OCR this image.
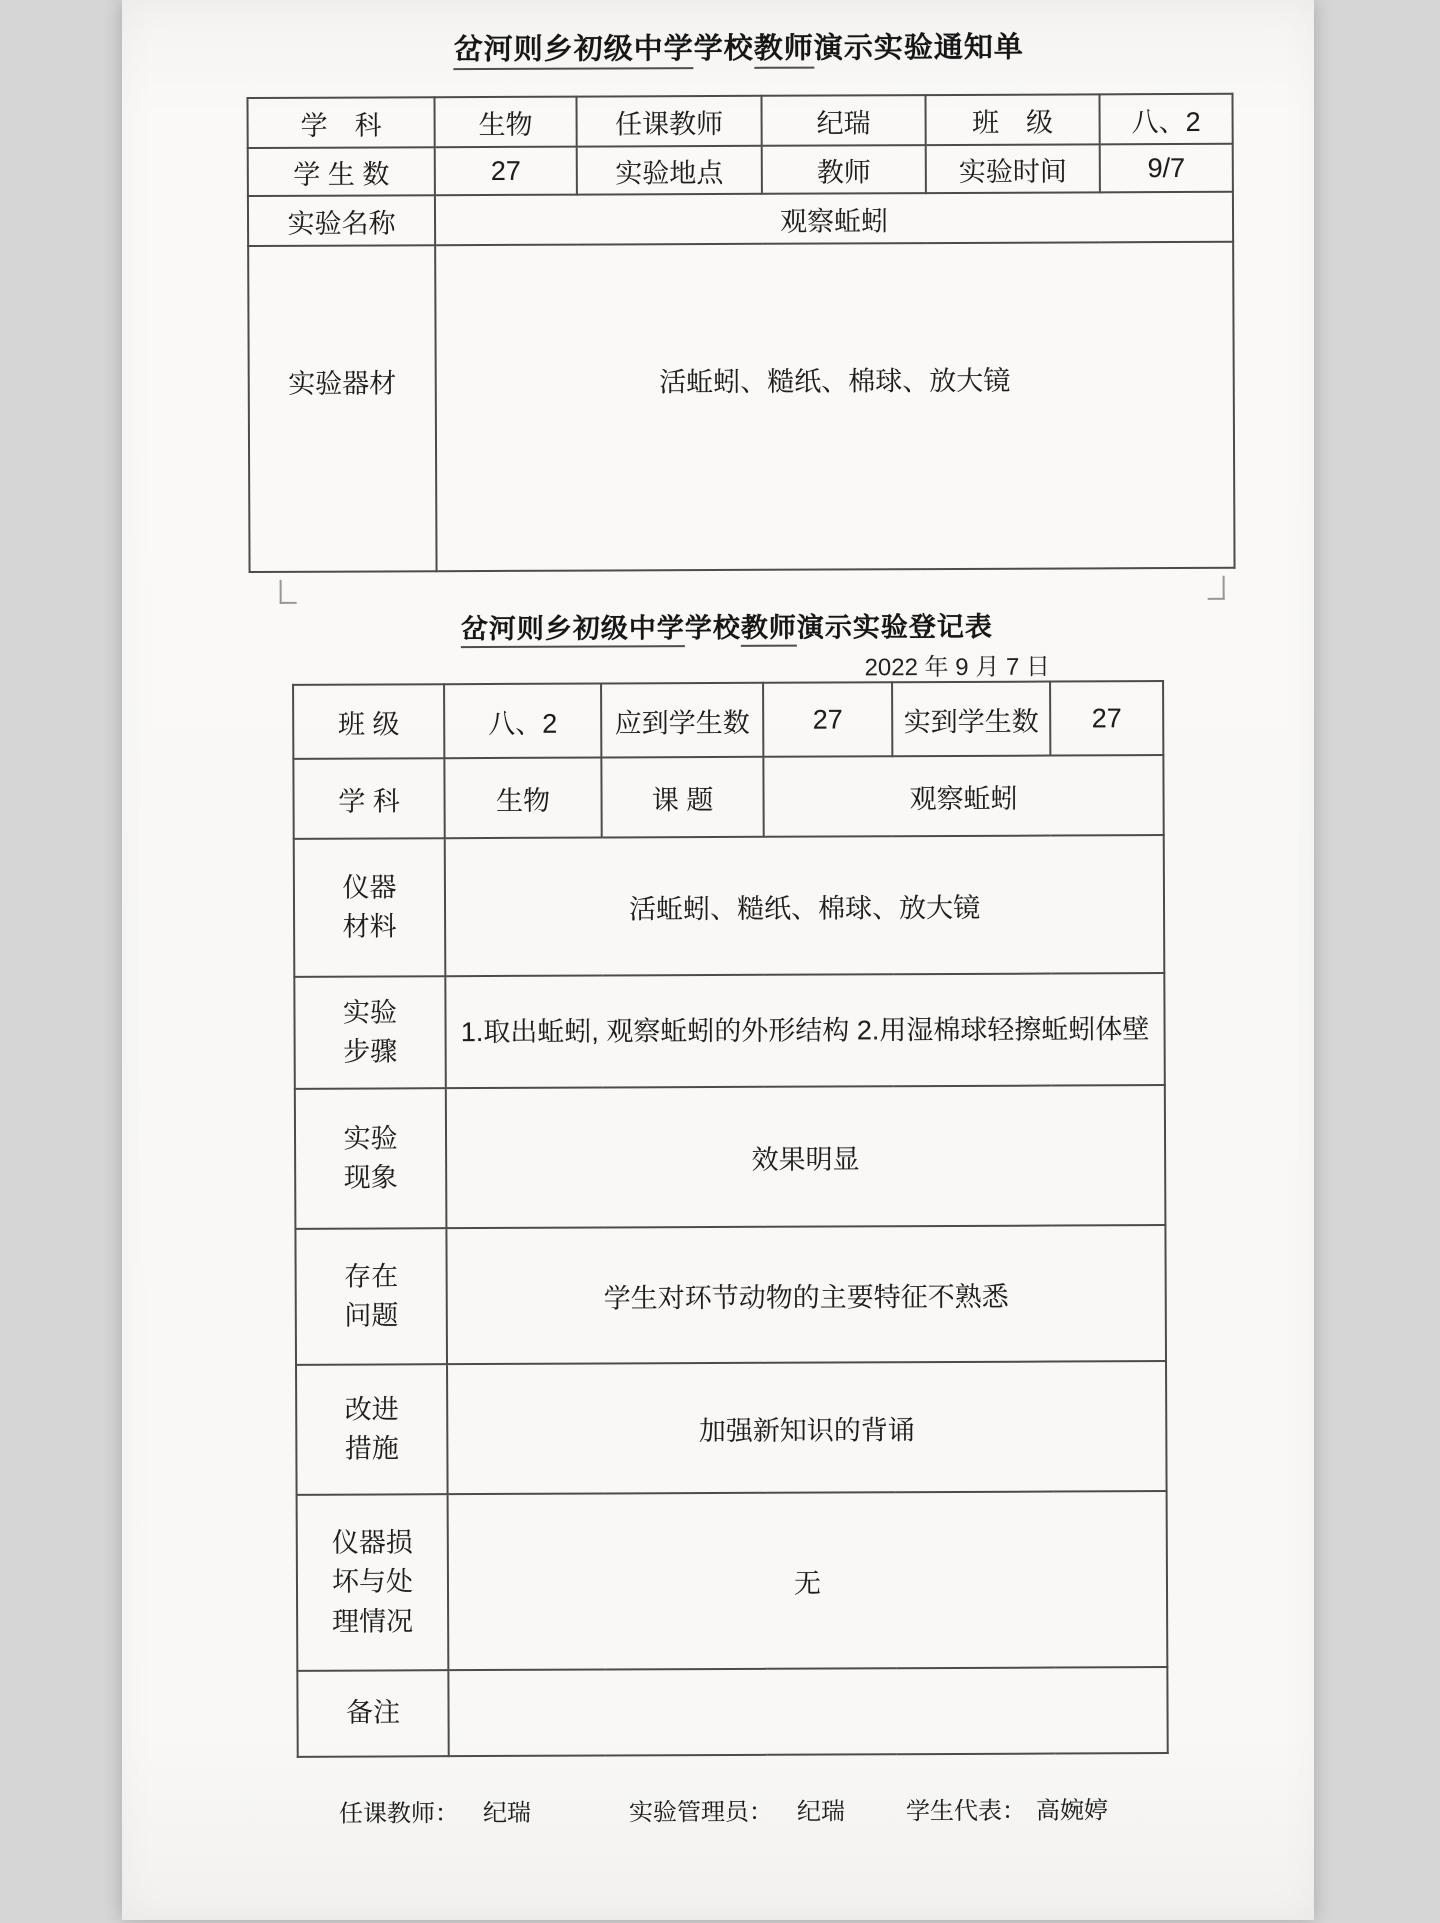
岔河则乡初级中学学校教师演示实验通知单
学　科	生物	任课教师	纪瑞	班　级	八、2
学 生 数	27	实验地点	教师	实验时间	9/7
实验名称	观察蚯蚓				
实验器材	活蚯蚓、糙纸、棉球、放大镜				
岔河则乡初级中学学校教师演示实验登记表
2022 年 9 月 7 日
班 级	八、2	应到学生数	27	实到学生数	27
学 科	生物	课 题	观察蚯蚓		
仪器
材料	活蚯蚓、糙纸、棉球、放大镜				
实验
步骤	1.取出蚯蚓, 观察蚯蚓的外形结构 2.用湿棉球轻擦蚯蚓体壁				
实验
现象	效果明显				
存在
问题	学生对环节动物的主要特征不熟悉				
改进
措施	加强新知识的背诵				
仪器损
坏与处
理情况	无				
备注					
任课教师： 纪瑞	实验管理员： 纪瑞	学生代表： 高婉婷
